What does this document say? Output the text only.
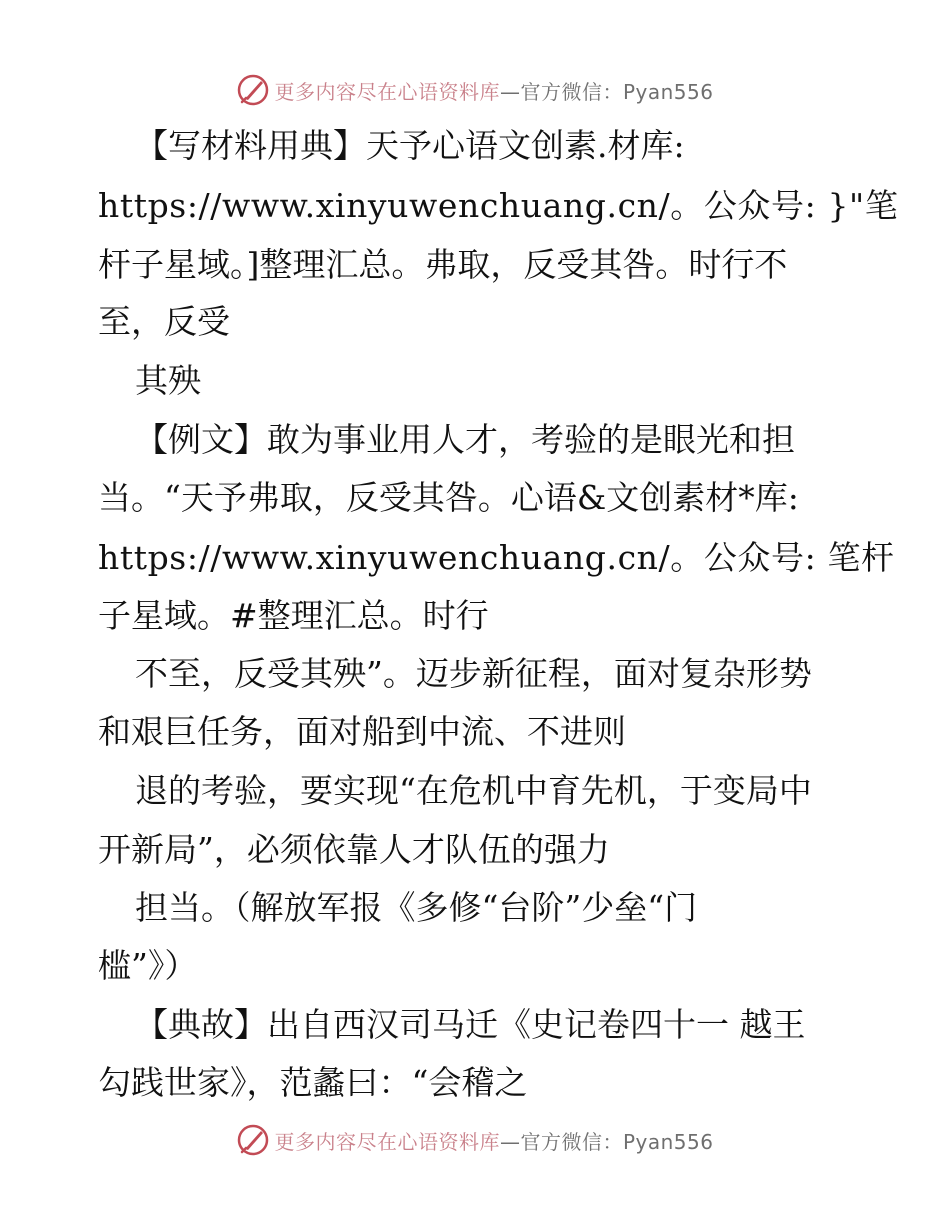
更多内容尽在心语资料库—官方微信：Pyan556
【写材料用典】天予心语文创素.材库:
https://www.xinyuwenchuang.cn/。公众号: }"笔
杆子星域。]整理汇总。弗取，反受其咎。时行不
至，反受
其殃
【例文】敢为事业用人才，考验的是眼光和担
当。“天予弗取，反受其咎。心语&文创素材*库:
https://www.xinyuwenchuang.cn/。公众号: 笔杆
子星域。#整理汇总。时行
不至，反受其殃”。迈步新征程，面对复杂形势
和艰巨任务，面对船到中流、不进则
退的考验，要实现“在危机中育先机，于变局中
开新局”，必须依靠人才队伍的强力
担当。（解放军报《多修“台阶”少垒“门
槛”》）
【典故】出自西汉司马迁《史记卷四十一 越王
勾践世家》，范蠡曰：“会稽之
更多内容尽在心语资料库—官方微信：Pyan556
